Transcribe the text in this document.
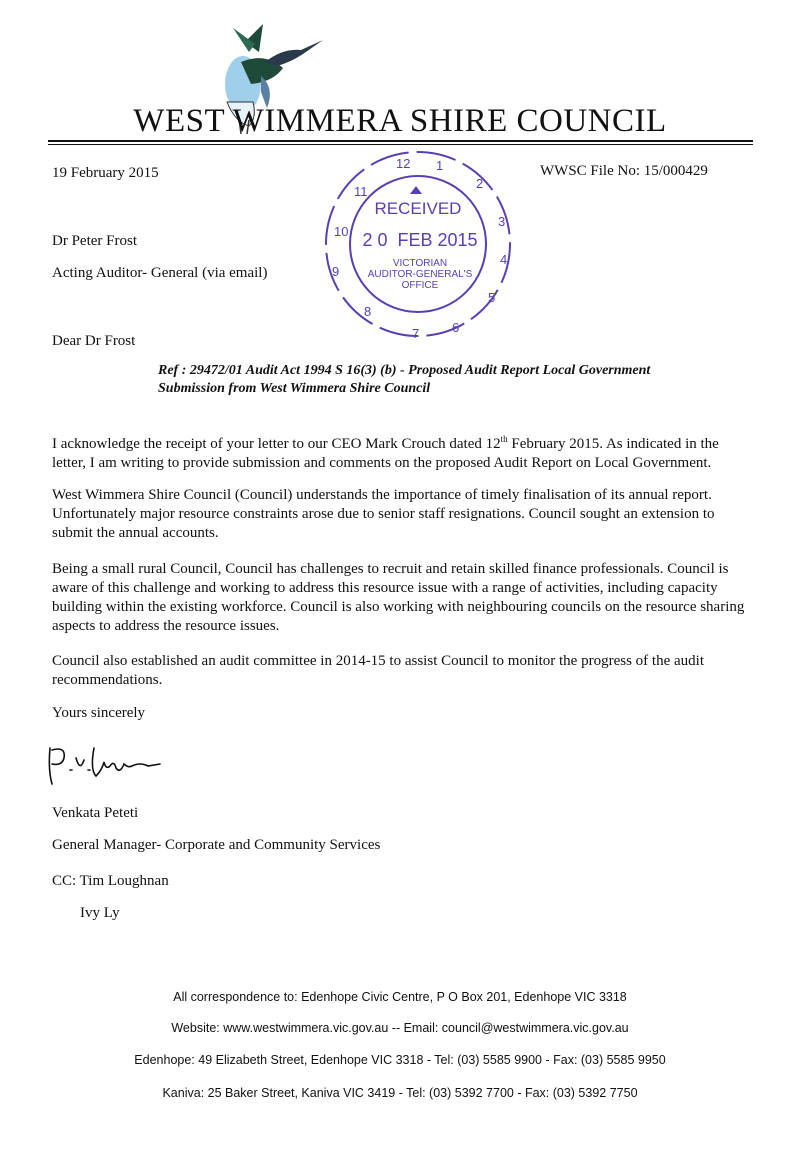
WEST WIMMERA SHIRE COUNCIL
12 1
2
3
4
5
6
7
8
9
10
11
RECEIVED
2 0  FEB 2015
VICTORIAN
AUDITOR-GENERAL'S
OFFICE
19 February 2015	WWSC File No: 15/000429
Dr Peter Frost
Acting Auditor- General (via email)
Dear Dr Frost
Ref : 29472/01 Audit Act 1994 S 16(3) (b) - Proposed Audit Report Local Government
Submission from West Wimmera Shire Council
I acknowledge the receipt of your letter to our CEO Mark Crouch dated 12th February 2015. As indicated in the letter, I am writing to provide submission and comments on the proposed Audit Report on Local Government.
West Wimmera Shire Council (Council) understands the importance of timely finalisation of its annual report. Unfortunately major resource constraints arose due to senior staff resignations. Council sought an extension to submit the annual accounts.
Being a small rural Council, Council has challenges to recruit and retain skilled finance professionals. Council is aware of this challenge and working to address this resource issue with a range of activities, including capacity building within the existing workforce. Council is also working with neighbouring councils on the resource sharing aspects to address the resource issues.
Council also established an audit committee in 2014-15 to assist Council to monitor the progress of the audit recommendations.
Yours sincerely
Venkata Peteti
General Manager- Corporate and Community Services
CC: Tim Loughnan
Ivy Ly
All correspondence to: Edenhope Civic Centre, P O Box 201, Edenhope VIC 3318
Website: www.westwimmera.vic.gov.au -- Email: council@westwimmera.vic.gov.au
Edenhope: 49 Elizabeth Street, Edenhope VIC 3318 - Tel: (03) 5585 9900 - Fax: (03) 5585 9950
Kaniva: 25 Baker Street, Kaniva VIC 3419 - Tel: (03) 5392 7700 - Fax: (03) 5392 7750
